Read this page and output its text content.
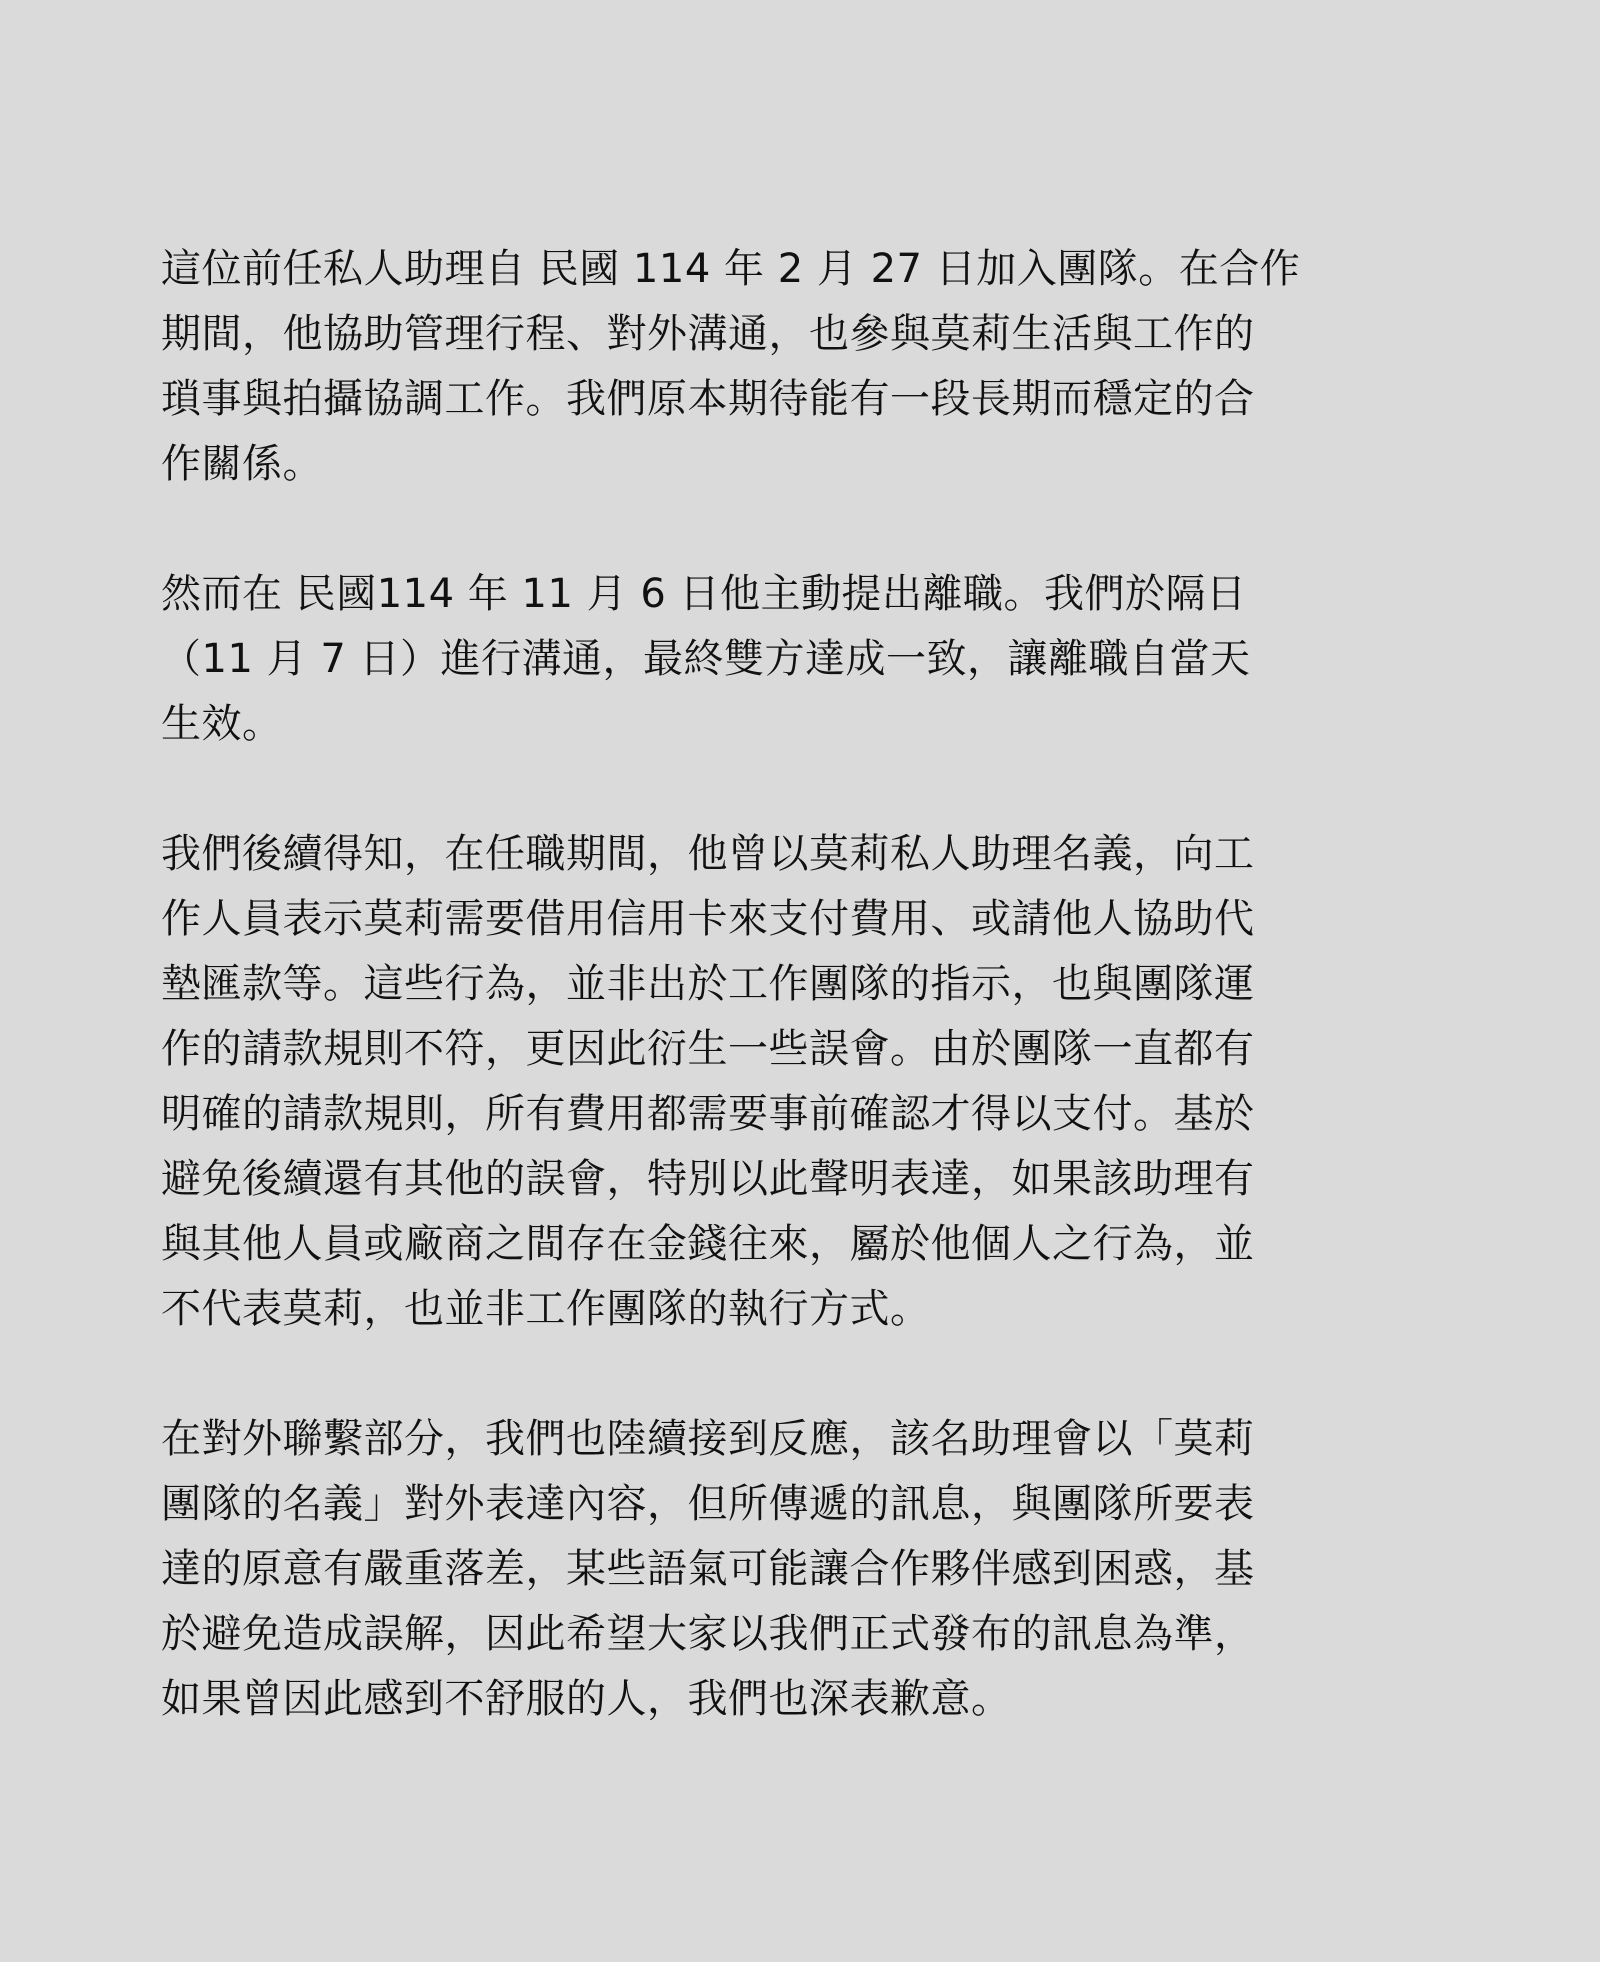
這位前任私人助理自 民國 114 年 2 月 27 日加入團隊。在合作
期間，他協助管理行程、對外溝通，也參與莫莉生活與工作的
瑣事與拍攝協調工作。我們原本期待能有一段長期而穩定的合
作關係。
然而在 民國114 年 11 月 6 日他主動提出離職。我們於隔日
（11 月 7 日）進行溝通，最終雙方達成一致，讓離職自當天
生效。
我們後續得知，在任職期間，他曾以莫莉私人助理名義，向工
作人員表示莫莉需要借用信用卡來支付費用、或請他人協助代
墊匯款等。這些行為，並非出於工作團隊的指示，也與團隊運
作的請款規則不符，更因此衍生一些誤會。由於團隊一直都有
明確的請款規則，所有費用都需要事前確認才得以支付。基於
避免後續還有其他的誤會，特別以此聲明表達，如果該助理有
與其他人員或廠商之間存在金錢往來，屬於他個人之行為，並
不代表莫莉，也並非工作團隊的執行方式。
在對外聯繫部分，我們也陸續接到反應，該名助理會以「莫莉
團隊的名義」對外表達內容，但所傳遞的訊息，與團隊所要表
達的原意有嚴重落差，某些語氣可能讓合作夥伴感到困惑，基
於避免造成誤解，因此希望大家以我們正式發布的訊息為準，
如果曾因此感到不舒服的人，我們也深表歉意。
